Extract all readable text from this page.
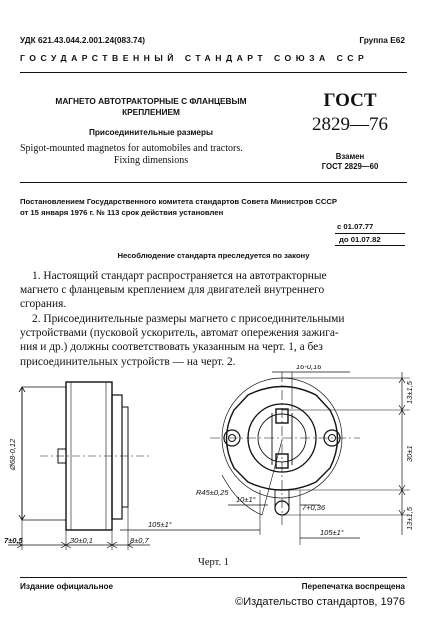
УДК 621.43.044.2.001.24(083.74)	Группа Е62
ГОСУДАРСТВЕННЫЙ СТАНДАРТ СОЮЗА ССР
МАГНЕТО АВТОТРАКТОРНЫЕ С ФЛАНЦЕВЫМ
КРЕПЛЕНИЕМ
Присоединительные размеры
Spigot-mounted magnetos for automobiles and tractors.
Fixing dimensions
ГОСТ
2829—76
Взамен
ГОСТ 2829—60
Постановлением Государственного комитета стандартов Совета Министров СССР
от 15 января 1976 г. № 113 срок действия установлен
с 01.07.77
до 01.07.82
Несоблюдение стандарта преследуется по закону
1. Настоящий стандарт распространяется на автотракторные
магнето с фланцевым креплением для двигателей внутреннего
сгорания.
2. Присоединительные размеры магнето с присоединительными
устройствами (пусковой ускоритель, автомат опережения зажига-
ния и др.) должны соответствовать указанным на черт. 1, а без
присоединительных устройств — на черт. 2.
Ø68-0,12
16-0,16
13±1,5
30±1
13±1,5
R45±0,25
7+0,36
10±1°
105±1°
105±1°
7±0,5	30±0,1	8±0,7
Черт. 1
Издание официальное	Перепечатка воспрещена
©Издательство стандартов, 1976
